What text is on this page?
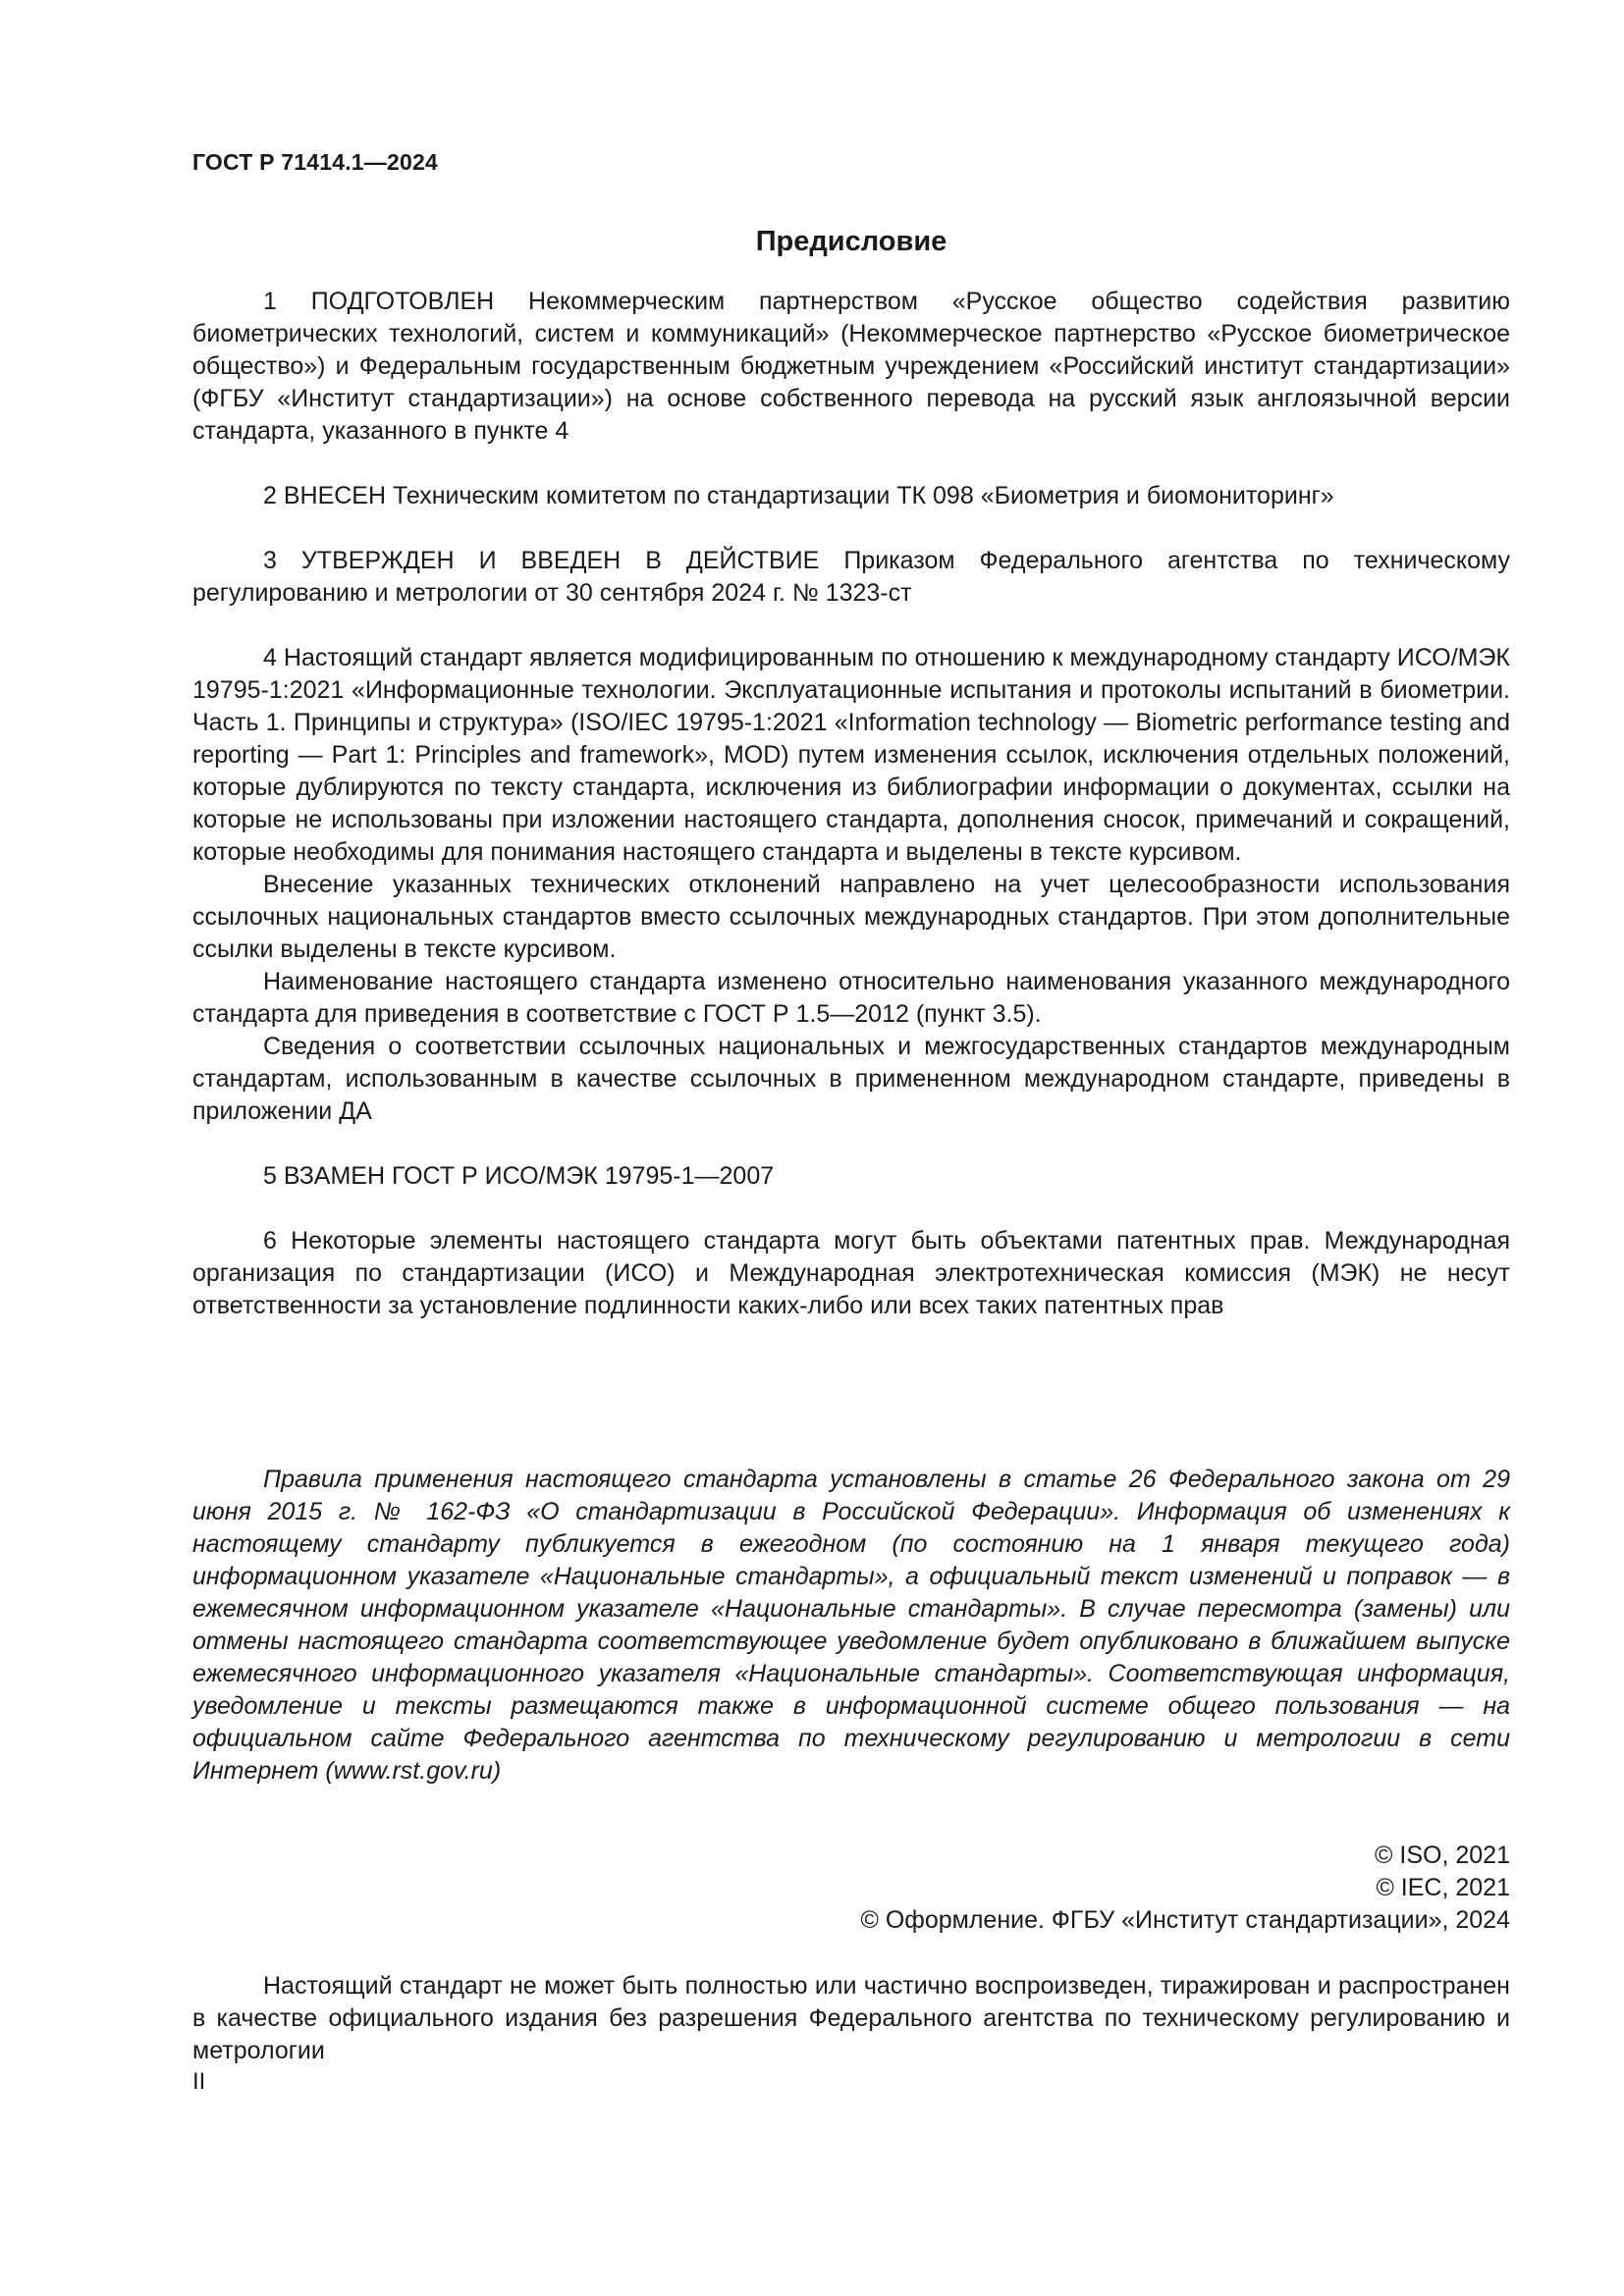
ГОСТ Р 71414.1—2024
Предисловие

1 ПОДГОТОВЛЕН Некоммерческим партнерством «Русское общество содействия развитию биометрических технологий, систем и коммуникаций» (Некоммерческое партнерство «Русское биометрическое общество») и Федеральным государственным бюджетным учреждением «Российский институт стандартизации» (ФГБУ «Институт стандартизации») на основе собственного перевода на русский язык англоязычной версии стандарта, указанного в пункте 4

2 ВНЕСЕН Техническим комитетом по стандартизации ТК 098 «Биометрия и биомониторинг»

3 УТВЕРЖДЕН И ВВЕДЕН В ДЕЙСТВИЕ Приказом Федерального агентства по техническому регулированию и метрологии от 30 сентября 2024 г. № 1323-ст

4 Настоящий стандарт является модифицированным по отношению к международному стандарту ИСО/МЭК 19795-1:2021 «Информационные технологии. Эксплуатационные испытания и протоколы испытаний в биометрии. Часть 1. Принципы и структура» (ISO/IEC 19795-1:2021 «Information technology — Biometric performance testing and reporting — Part 1: Principles and framework», MOD) путем изменения ссылок, исключения отдельных положений, которые дублируются по тексту стандарта, исключения из библиографии информации о документах, ссылки на которые не использованы при изложении настоящего стандарта, дополнения сносок, примечаний и сокращений, которые необходимы для понимания настоящего стандарта и выделены в тексте курсивом.

Внесение указанных технических отклонений направлено на учет целесообразности использования ссылочных национальных стандартов вместо ссылочных международных стандартов. При этом дополнительные ссылки выделены в тексте курсивом.

Наименование настоящего стандарта изменено относительно наименования указанного международного стандарта для приведения в соответствие с ГОСТ Р 1.5—2012 (пункт 3.5).

Сведения о соответствии ссылочных национальных и межгосударственных стандартов международным стандартам, использованным в качестве ссылочных в примененном международном стандарте, приведены в приложении ДА

5 ВЗАМЕН ГОСТ Р ИСО/МЭК 19795-1—2007

6 Некоторые элементы настоящего стандарта могут быть объектами патентных прав. Международная организация по стандартизации (ИСО) и Международная электротехническая комиссия (МЭК) не несут ответственности за установление подлинности каких-либо или всех таких патентных прав

Правила применения настоящего стандарта установлены в статье 26 Федерального закона от 29 июня 2015 г. № 162-ФЗ «О стандартизации в Российской Федерации». Информация об изменениях к настоящему стандарту публикуется в ежегодном (по состоянию на 1 января текущего года) информационном указателе «Национальные стандарты», а официальный текст изменений и поправок — в ежемесячном информационном указателе «Национальные стандарты». В случае пересмотра (замены) или отмены настоящего стандарта соответствующее уведомление будет опубликовано в ближайшем выпуске ежемесячного информационного указателя «Национальные стандарты». Соответствующая информация, уведомление и тексты размещаются также в информационной системе общего пользования — на официальном сайте Федерального агентства по техническому регулированию и метрологии в сети Интернет (www.rst.gov.ru)

© ISO, 2021
© IEC, 2021
© Оформление. ФГБУ «Институт стандартизации», 2024

Настоящий стандарт не может быть полностью или частично воспроизведен, тиражирован и распространен в качестве официального издания без разрешения Федерального агентства по техническому регулированию и метрологии

II
